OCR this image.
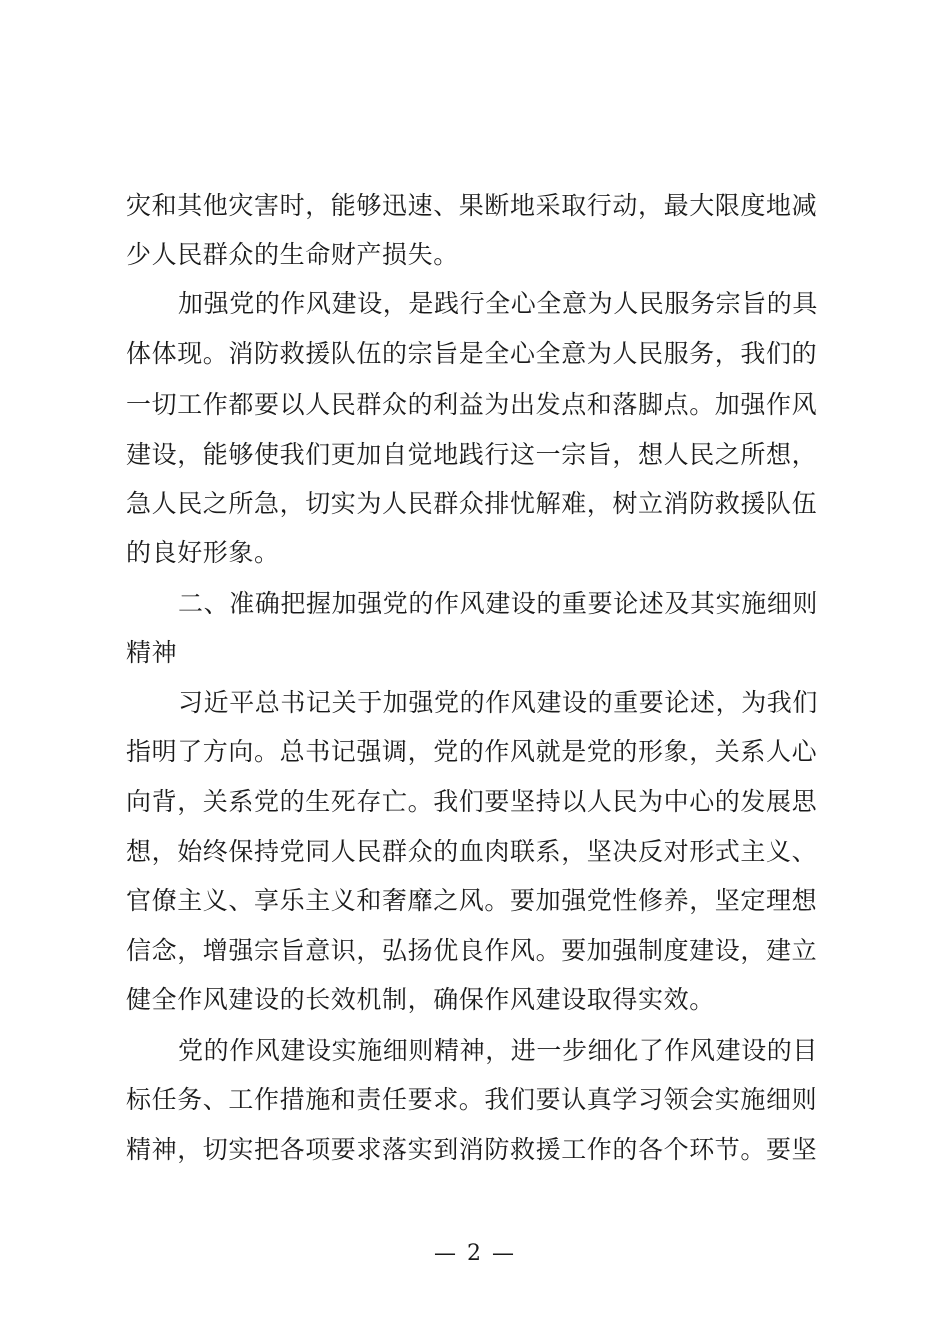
灾和其他灾害时，能够迅速、果断地采取行动，最大限度地减
少人民群众的生命财产损失。
加强党的作风建设，是践行全心全意为人民服务宗旨的具
体体现。消防救援队伍的宗旨是全心全意为人民服务，我们的
一切工作都要以人民群众的利益为出发点和落脚点。加强作风
建设，能够使我们更加自觉地践行这一宗旨，想人民之所想，
急人民之所急，切实为人民群众排忧解难，树立消防救援队伍
的良好形象。
二、准确把握加强党的作风建设的重要论述及其实施细则
精神
习近平总书记关于加强党的作风建设的重要论述，为我们
指明了方向。总书记强调，党的作风就是党的形象，关系人心
向背，关系党的生死存亡。我们要坚持以人民为中心的发展思
想，始终保持党同人民群众的血肉联系，坚决反对形式主义、
官僚主义、享乐主义和奢靡之风。要加强党性修养，坚定理想
信念，增强宗旨意识，弘扬优良作风。要加强制度建设，建立
健全作风建设的长效机制，确保作风建设取得实效。
党的作风建设实施细则精神，进一步细化了作风建设的目
标任务、工作措施和责任要求。我们要认真学习领会实施细则
精神，切实把各项要求落实到消防救援工作的各个环节。要坚
— 2 —
